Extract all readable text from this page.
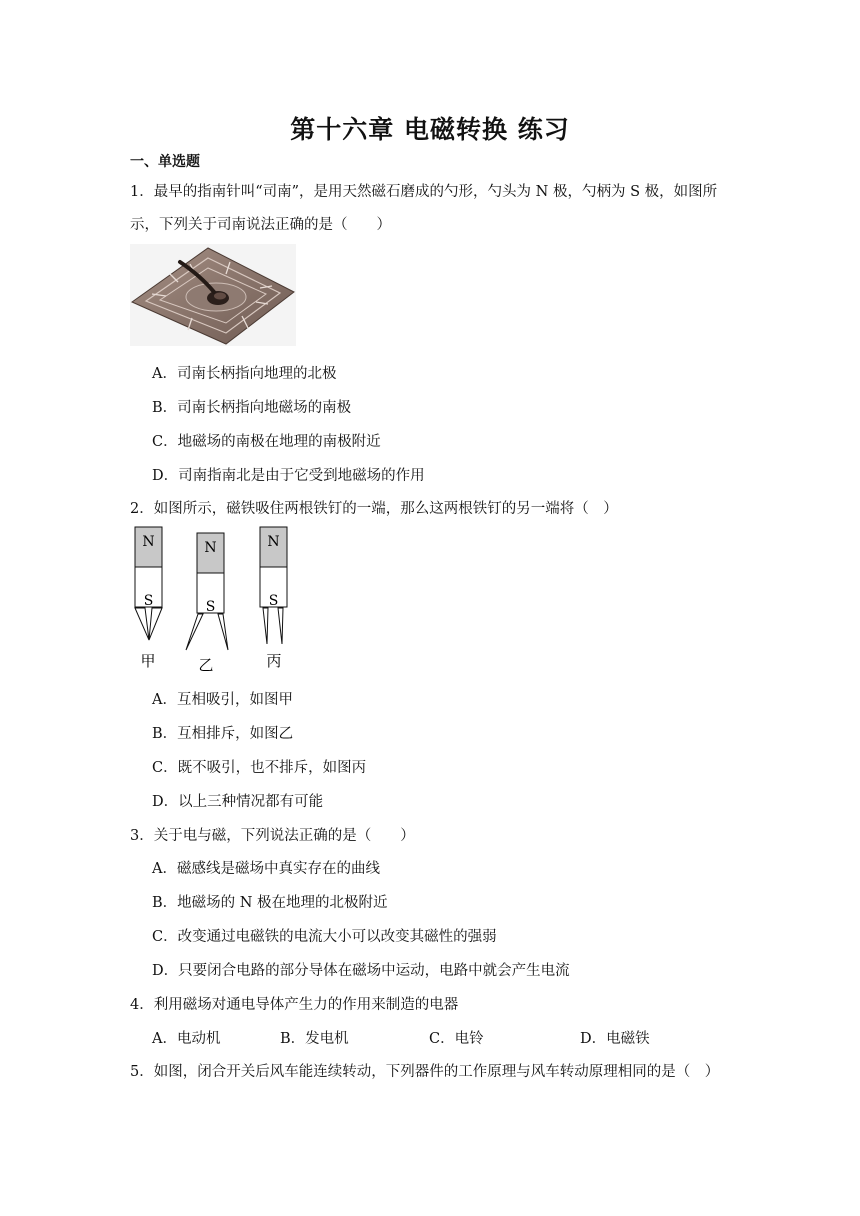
第十六章 电磁转换 练习
一、单选题
1．最早的指南针叫“司南”，是用天然磁石磨成的勺形，勺头为 N 极，勺柄为 S 极，如图所
示，下列关于司南说法正确的是（　　）
A．司南长柄指向地理的北极
B．司南长柄指向地磁场的南极
C．地磁场的南极在地理的南极附近
D．司南指南北是由于它受到地磁场的作用
2．如图所示，磁铁吸住两根铁钉的一端，那么这两根铁钉的另一端将（　）
N
S
甲
N
S
乙
N
S
丙
A．互相吸引，如图甲
B．互相排斥，如图乙
C．既不吸引，也不排斥，如图丙
D．以上三种情况都有可能
3．关于电与磁，下列说法正确的是（　　）
A．磁感线是磁场中真实存在的曲线
B．地磁场的 N 极在地理的北极附近
C．改变通过电磁铁的电流大小可以改变其磁性的强弱
D．只要闭合电路的部分导体在磁场中运动，电路中就会产生电流
4．利用磁场对通电导体产生力的作用来制造的电器
A．电动机	B．发电机	C．电铃	D．电磁铁
5．如图，闭合开关后风车能连续转动，下列器件的工作原理与风车转动原理相同的是（　）
